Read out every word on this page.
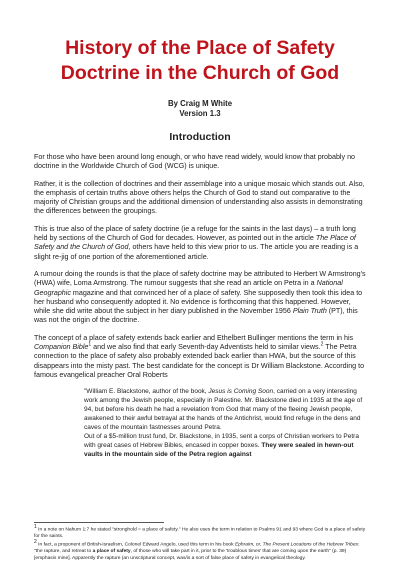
History of the Place of Safety Doctrine in the Church of God
By Craig M White
Version 1.3
Introduction

For those who have been around long enough, or who have read widely, would know that probably no doctrine in the Worldwide Church of God (WCG) is unique.

Rather, it is the collection of doctrines and their assemblage into a unique mosaic which stands out. Also, the emphasis of certain truths above others helps the Church of God to stand out comparative to the majority of Christian groups and the additional dimension of understanding also assists in demonstrating the differences between the groupings.

This is true also of the place of safety doctrine (ie a refuge for the saints in the last days) – a truth long held by sections of the Church of God for decades. However, as pointed out in the article The Place of Safety and the Church of God, others have held to this view prior to us. The article you are reading is a slight re-jig of one portion of the aforementioned article.

A rumour doing the rounds is that the place of safety doctrine may be attributed to Herbert W Armstrong's (HWA) wife, Loma Armstrong. The rumour suggests that she read an article on Petra in a National Geographic magazine and that convinced her of a place of safety. She supposedly then took this idea to her husband who consequently adopted it. No evidence is forthcoming that this happened. However, while she did write about the subject in her diary published in the November 1956 Plain Truth (PT), this was not the origin of the doctrine.

The concept of a place of safety extends back earlier and Ethelbert Bullinger mentions the term in his Companion Bible$^1$ and we also find that early Seventh-day Adventists held to similar views.$^2$ The Petra connection to the place of safety also probably extended back earlier than HWA, but the source of this disappears into the misty past. The best candidate for the concept is Dr William Blackstone. According to famous evangelical preacher Oral Roberts

"William E. Blackstone, author of the book, Jesus is Coming Soon, carried on a very interesting work among the Jewish people, especially in Palestine. Mr. Blackstone died in 1935 at the age of 94, but before his death he had a revelation from God that many of the fleeing Jewish people, awakened to their awful betrayal at the hands of the Antichrist, would find refuge in the dens and caves of the mountain fastnesses around Petra.

Out of a $5-million trust fund, Dr. Blackstone, in 1935, sent a corps of Christian workers to Petra with great cases of Hebrew Bibles, encased in copper boxes. They were sealed in hewn-out vaults in the mountain side of the Petra region against

$^1$ In a note on Nahum 1:7 he stated "stronghold = a place of safety." He also uses the term in relation to Psalms 91 and 93 where God is a place of safety for the saints.

$^2$ In fact, a proponent of British-Israelism, Colonel Edward Angelo, used this term in his book Ephraim, or, The Present Locations of the Hebrew Tribes: "the rapture, and retreat to a place of safety, of those who will take part in it, prior to the 'troublous times' that are coming upon the earth" (p. 39) [emphasis mine]. Apparently the rapture (an unscriptural concept, was/is a sort of false place of safety in evangelical theology.
